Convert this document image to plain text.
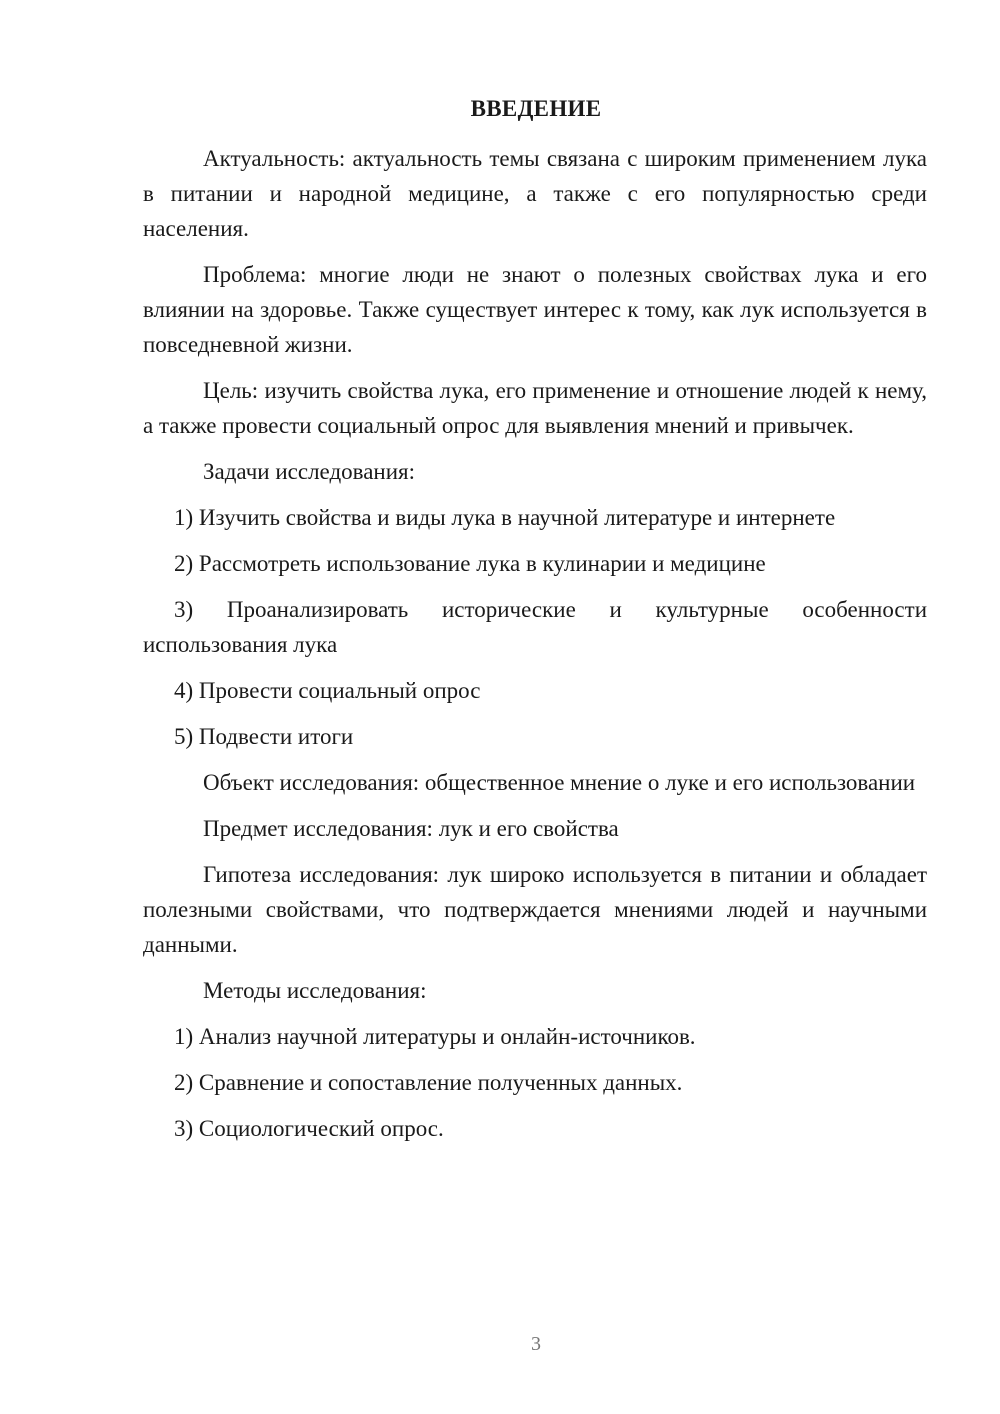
ВВЕДЕНИЕ

Актуальность: актуальность темы связана с широким применением лука в питании и народной медицине, а также с его популярностью среди населения.

Проблема: многие люди не знают о полезных свойствах лука и его влиянии на здоровье. Также существует интерес к тому, как лук используется в повседневной жизни.

Цель: изучить свойства лука, его применение и отношение людей к нему, а также провести социальный опрос для выявления мнений и привычек.

Задачи исследования:

1) Изучить свойства и виды лука в научной литературе и интернете

2) Рассмотреть использование лука в кулинарии и медицине

3) Проанализировать исторические и культурные особенности использования лука

4) Провести социальный опрос

5) Подвести итоги

Объект исследования: общественное мнение о луке и его использовании

Предмет исследования: лук и его свойства

Гипотеза исследования: лук широко используется в питании и обладает полезными свойствами, что подтверждается мнениями людей и научными данными.

Методы исследования:

1) Анализ научной литературы и онлайн-источников.

2) Сравнение и сопоставление полученных данных.

3) Социологический опрос.

3
